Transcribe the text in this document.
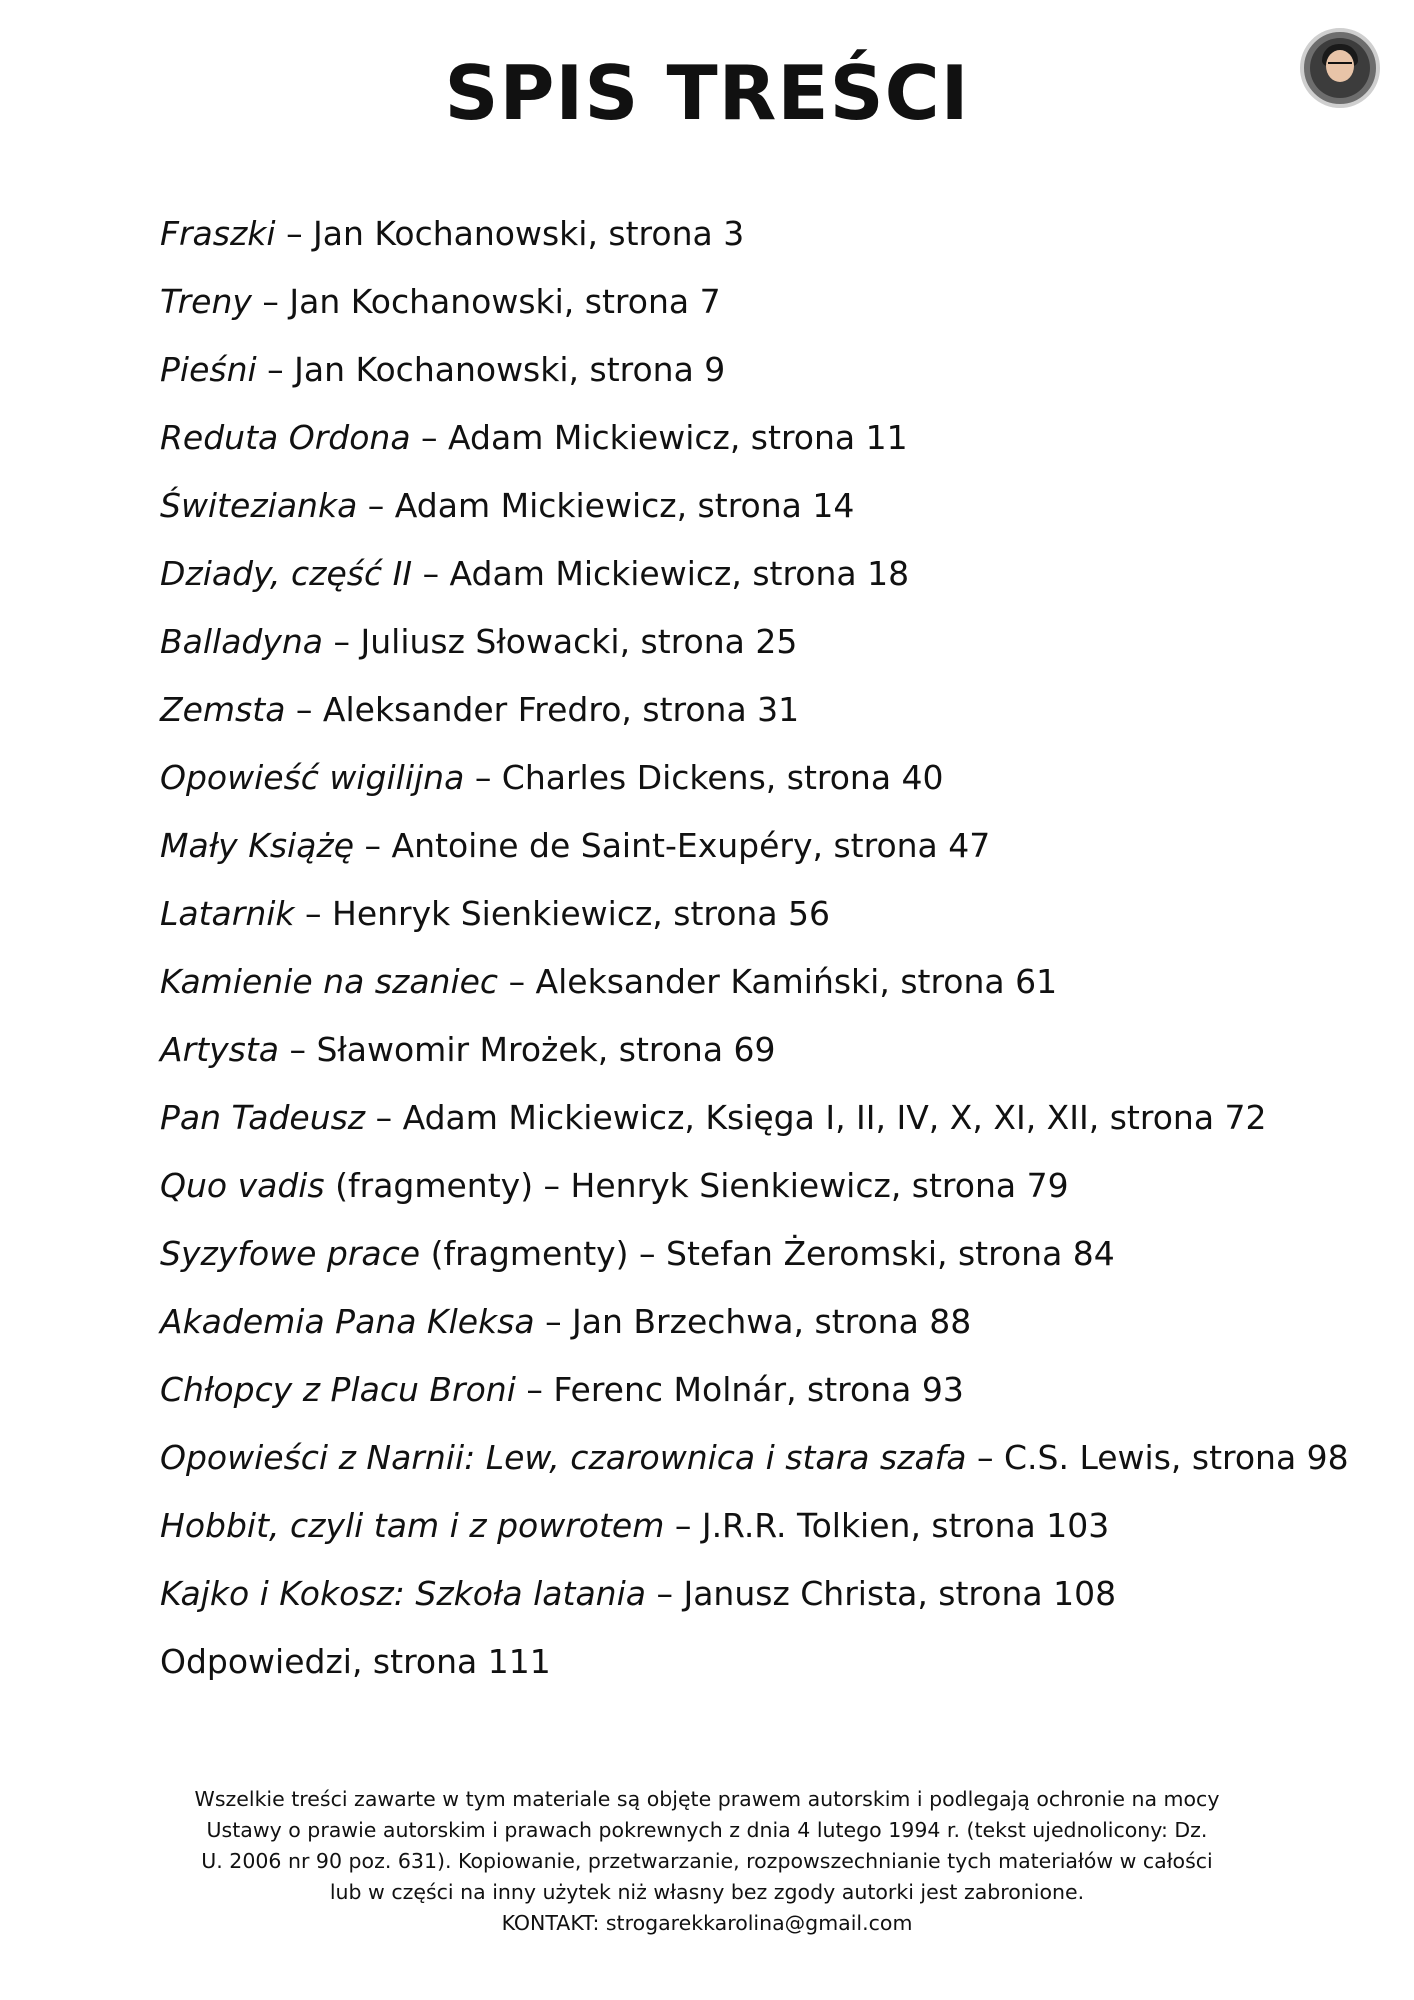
SPIS TREŚCI
Fraszki – Jan Kochanowski, strona 3
Treny – Jan Kochanowski, strona 7
Pieśni – Jan Kochanowski, strona 9
Reduta Ordona – Adam Mickiewicz, strona 11
Świtezianka – Adam Mickiewicz, strona 14
Dziady, część II – Adam Mickiewicz, strona 18
Balladyna – Juliusz Słowacki, strona 25
Zemsta – Aleksander Fredro, strona 31
Opowieść wigilijna – Charles Dickens, strona 40
Mały Książę – Antoine de Saint-Exupéry, strona 47
Latarnik – Henryk Sienkiewicz, strona 56
Kamienie na szaniec – Aleksander Kamiński, strona 61
Artysta – Sławomir Mrożek, strona 69
Pan Tadeusz – Adam Mickiewicz, Księga I, II, IV, X, XI, XII, strona 72
Quo vadis (fragmenty) – Henryk Sienkiewicz, strona 79
Syzyfowe prace (fragmenty) – Stefan Żeromski, strona 84
Akademia Pana Kleksa – Jan Brzechwa, strona 88
Chłopcy z Placu Broni – Ferenc Molnár, strona 93
Opowieści z Narnii: Lew, czarownica i stara szafa – C.S. Lewis, strona 98
Hobbit, czyli tam i z powrotem – J.R.R. Tolkien, strona 103
Kajko i Kokosz: Szkoła latania – Janusz Christa, strona 108
Odpowiedzi, strona 111

Wszelkie treści zawarte w tym materiale są objęte prawem autorskim i podlegają ochronie na mocy
Ustawy o prawie autorskim i prawach pokrewnych z dnia 4 lutego 1994 r. (tekst ujednolicony: Dz.
U. 2006 nr 90 poz. 631). Kopiowanie, przetwarzanie, rozpowszechnianie tych materiałów w całości
lub w części na inny użytek niż własny bez zgody autorki jest zabronione.
KONTAKT: strogarekkarolina@gmail.com
